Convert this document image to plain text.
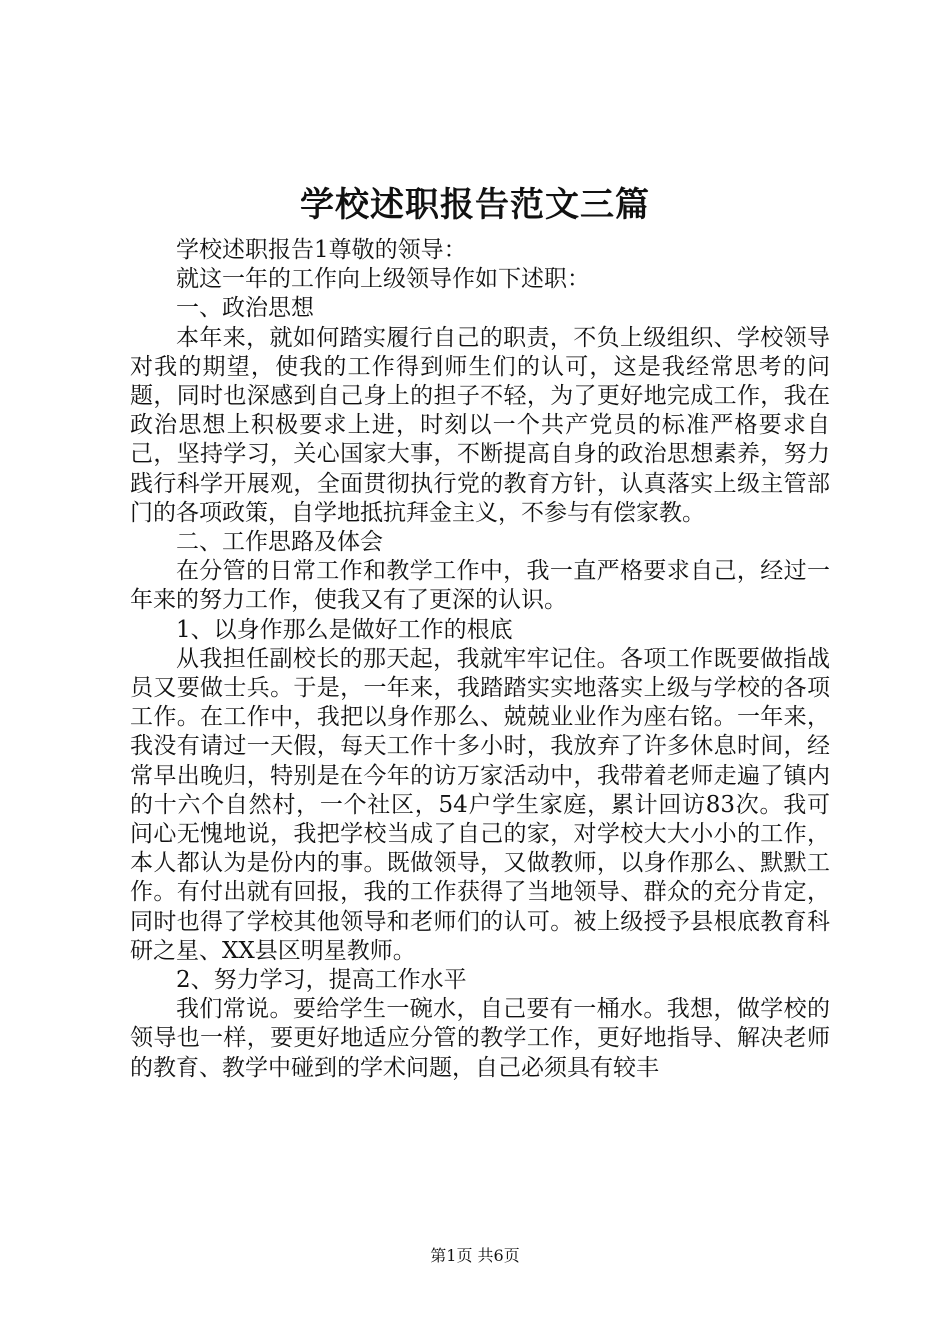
学校述职报告范文三篇

学校述职报告1尊敬的领导：

就这一年的工作向上级领导作如下述职：

一、政治思想

本年来，就如何踏实履行自己的职责，不负上级组织、学校领导对我的期望，使我的工作得到师生们的认可，这是我经常思考的问题，同时也深感到自己身上的担子不轻，为了更好地完成工作，我在政治思想上积极要求上进，时刻以一个共产党员的标准严格要求自己，坚持学习，关心国家大事，不断提高自身的政治思想素养，努力践行科学开展观，全面贯彻执行党的教育方针，认真落实上级主管部门的各项政策，自学地抵抗拜金主义，不参与有偿家教。

二、工作思路及体会

在分管的日常工作和教学工作中，我一直严格要求自己，经过一年来的努力工作，使我又有了更深的认识。

1、以身作那么是做好工作的根底

从我担任副校长的那天起，我就牢牢记住。各项工作既要做指战员又要做士兵。于是，一年来，我踏踏实实地落实上级与学校的各项工作。在工作中，我把以身作那么、兢兢业业作为座右铭。一年来，我没有请过一天假，每天工作十多小时，我放弃了许多休息时间，经常早出晚归，特别是在今年的访万家活动中，我带着老师走遍了镇内的十六个自然村，一个社区，54户学生家庭，累计回访83次。我可问心无愧地说，我把学校当成了自己的家，对学校大大小小的工作，本人都认为是份内的事。既做领导，又做教师，以身作那么、默默工作。有付出就有回报，我的工作获得了当地领导、群众的充分肯定，同时也得了学校其他领导和老师们的认可。被上级授予县根底教育科研之星、XX县区明星教师。

2、努力学习，提高工作水平

我们常说。要给学生一碗水，自己要有一桶水。我想，做学校的领导也一样，要更好地适应分管的教学工作，更好地指导、解决老师的教育、教学中碰到的学术问题，自己必须具有较丰

第1页 共6页
